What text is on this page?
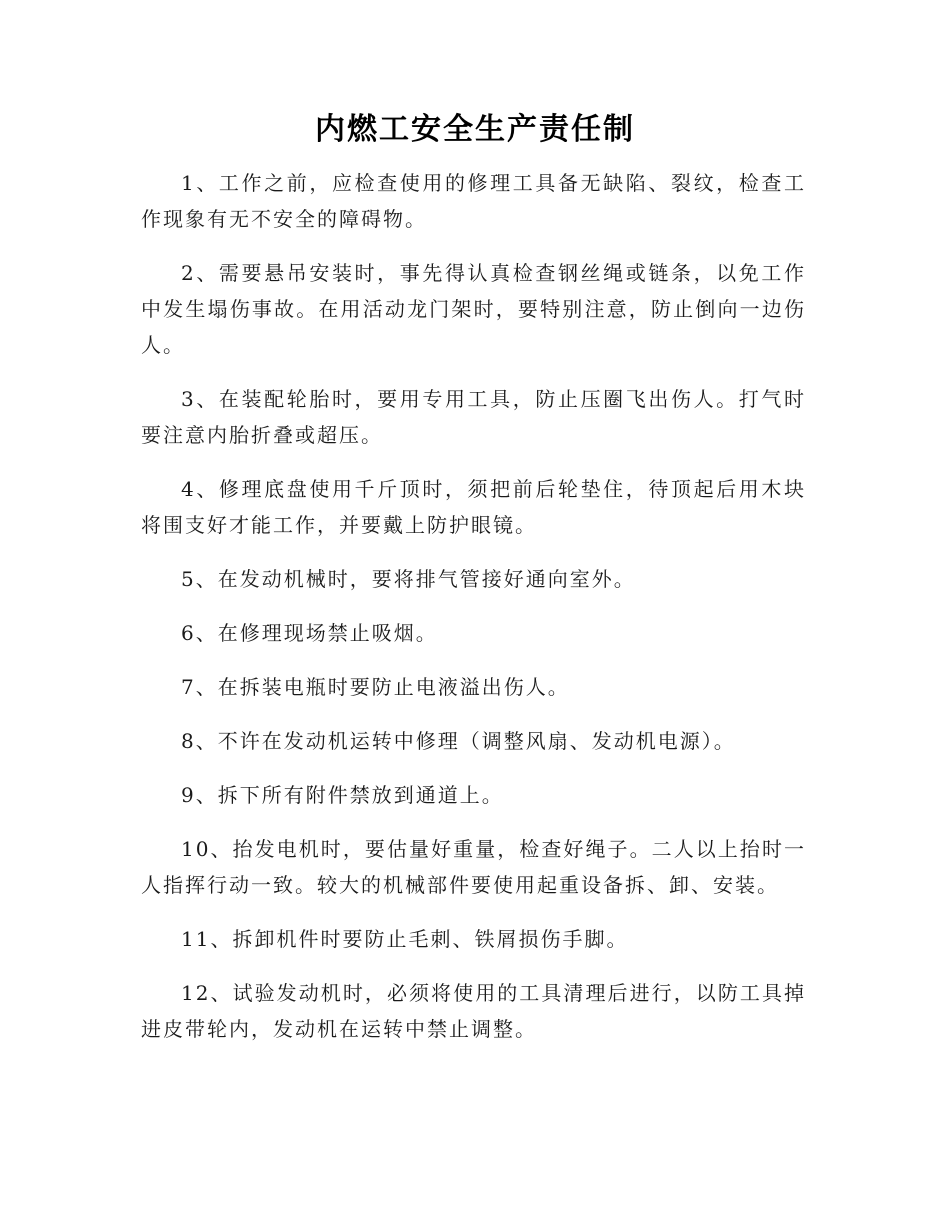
内燃工安全生产责任制

1、工作之前，应检查使用的修理工具备无缺陷、裂纹，检查工作现象有无不安全的障碍物。

2、需要悬吊安装时，事先得认真检查钢丝绳或链条，以免工作中发生塌伤事故。在用活动龙门架时，要特别注意，防止倒向一边伤人。

3、在装配轮胎时，要用专用工具，防止压圈飞出伤人。打气时要注意内胎折叠或超压。

4、修理底盘使用千斤顶时，须把前后轮垫住，待顶起后用木块将围支好才能工作，并要戴上防护眼镜。

5、在发动机械时，要将排气管接好通向室外。

6、在修理现场禁止吸烟。

7、在拆装电瓶时要防止电液溢出伤人。

8、不许在发动机运转中修理（调整风扇、发动机电源）。

9、拆下所有附件禁放到通道上。

10、抬发电机时，要估量好重量，检查好绳子。二人以上抬时一人指挥行动一致。较大的机械部件要使用起重设备拆、卸、安装。

11、拆卸机件时要防止毛刺、铁屑损伤手脚。

12、试验发动机时，必须将使用的工具清理后进行，以防工具掉进皮带轮内，发动机在运转中禁止调整。
